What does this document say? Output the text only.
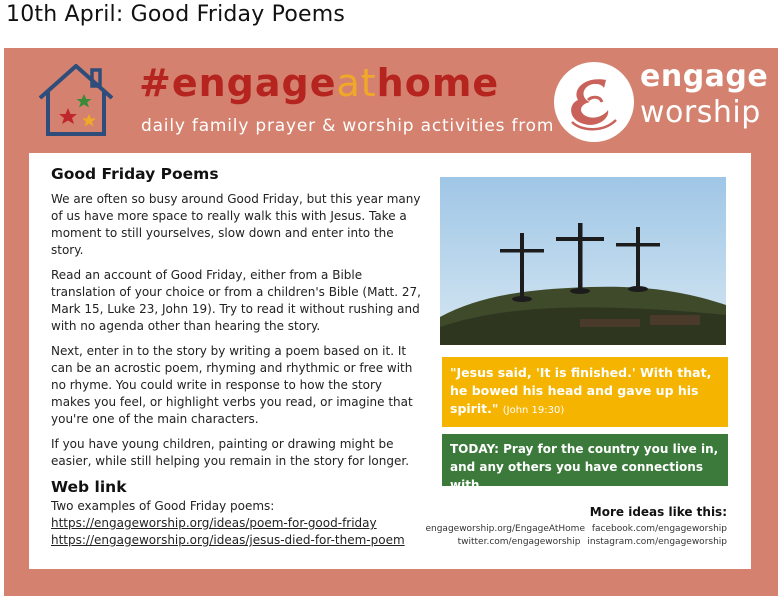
10th April: Good Friday Poems
#engageathome
daily family prayer & worship activities from
engage
worship
Good Friday Poems

We are often so busy around Good Friday, but this year many of us have more space to really walk this with Jesus. Take a moment to still yourselves, slow down and enter into the story.

Read an account of Good Friday, either from a Bible translation of your choice or from a children's Bible (Matt. 27, Mark 15, Luke 23, John 19). Try to read it without rushing and with no agenda other than hearing the story.

Next, enter in to the story by writing a poem based on it. It can be an acrostic poem, rhyming and rhythmic or free with no rhyme. You could write in response to how the story makes you feel, or highlight verbs you read, or imagine that you're one of the main characters.

If you have young children, painting or drawing might be easier, while still helping you remain in the story for longer.

Web link

Two examples of Good Friday poems:

https://engageworship.org/ideas/poem-for-good-friday
https://engageworship.org/ideas/jesus-died-for-them-poem
"Jesus said, 'It is finished.' With that, he bowed his head and gave up his spirit." (John 19:30)
TODAY: Pray for the country you live in, and any others you have connections with.
More ideas like this:
engageworship.org/EngageAtHome facebook.com/engageworship
twitter.com/engageworship instagram.com/engageworship
